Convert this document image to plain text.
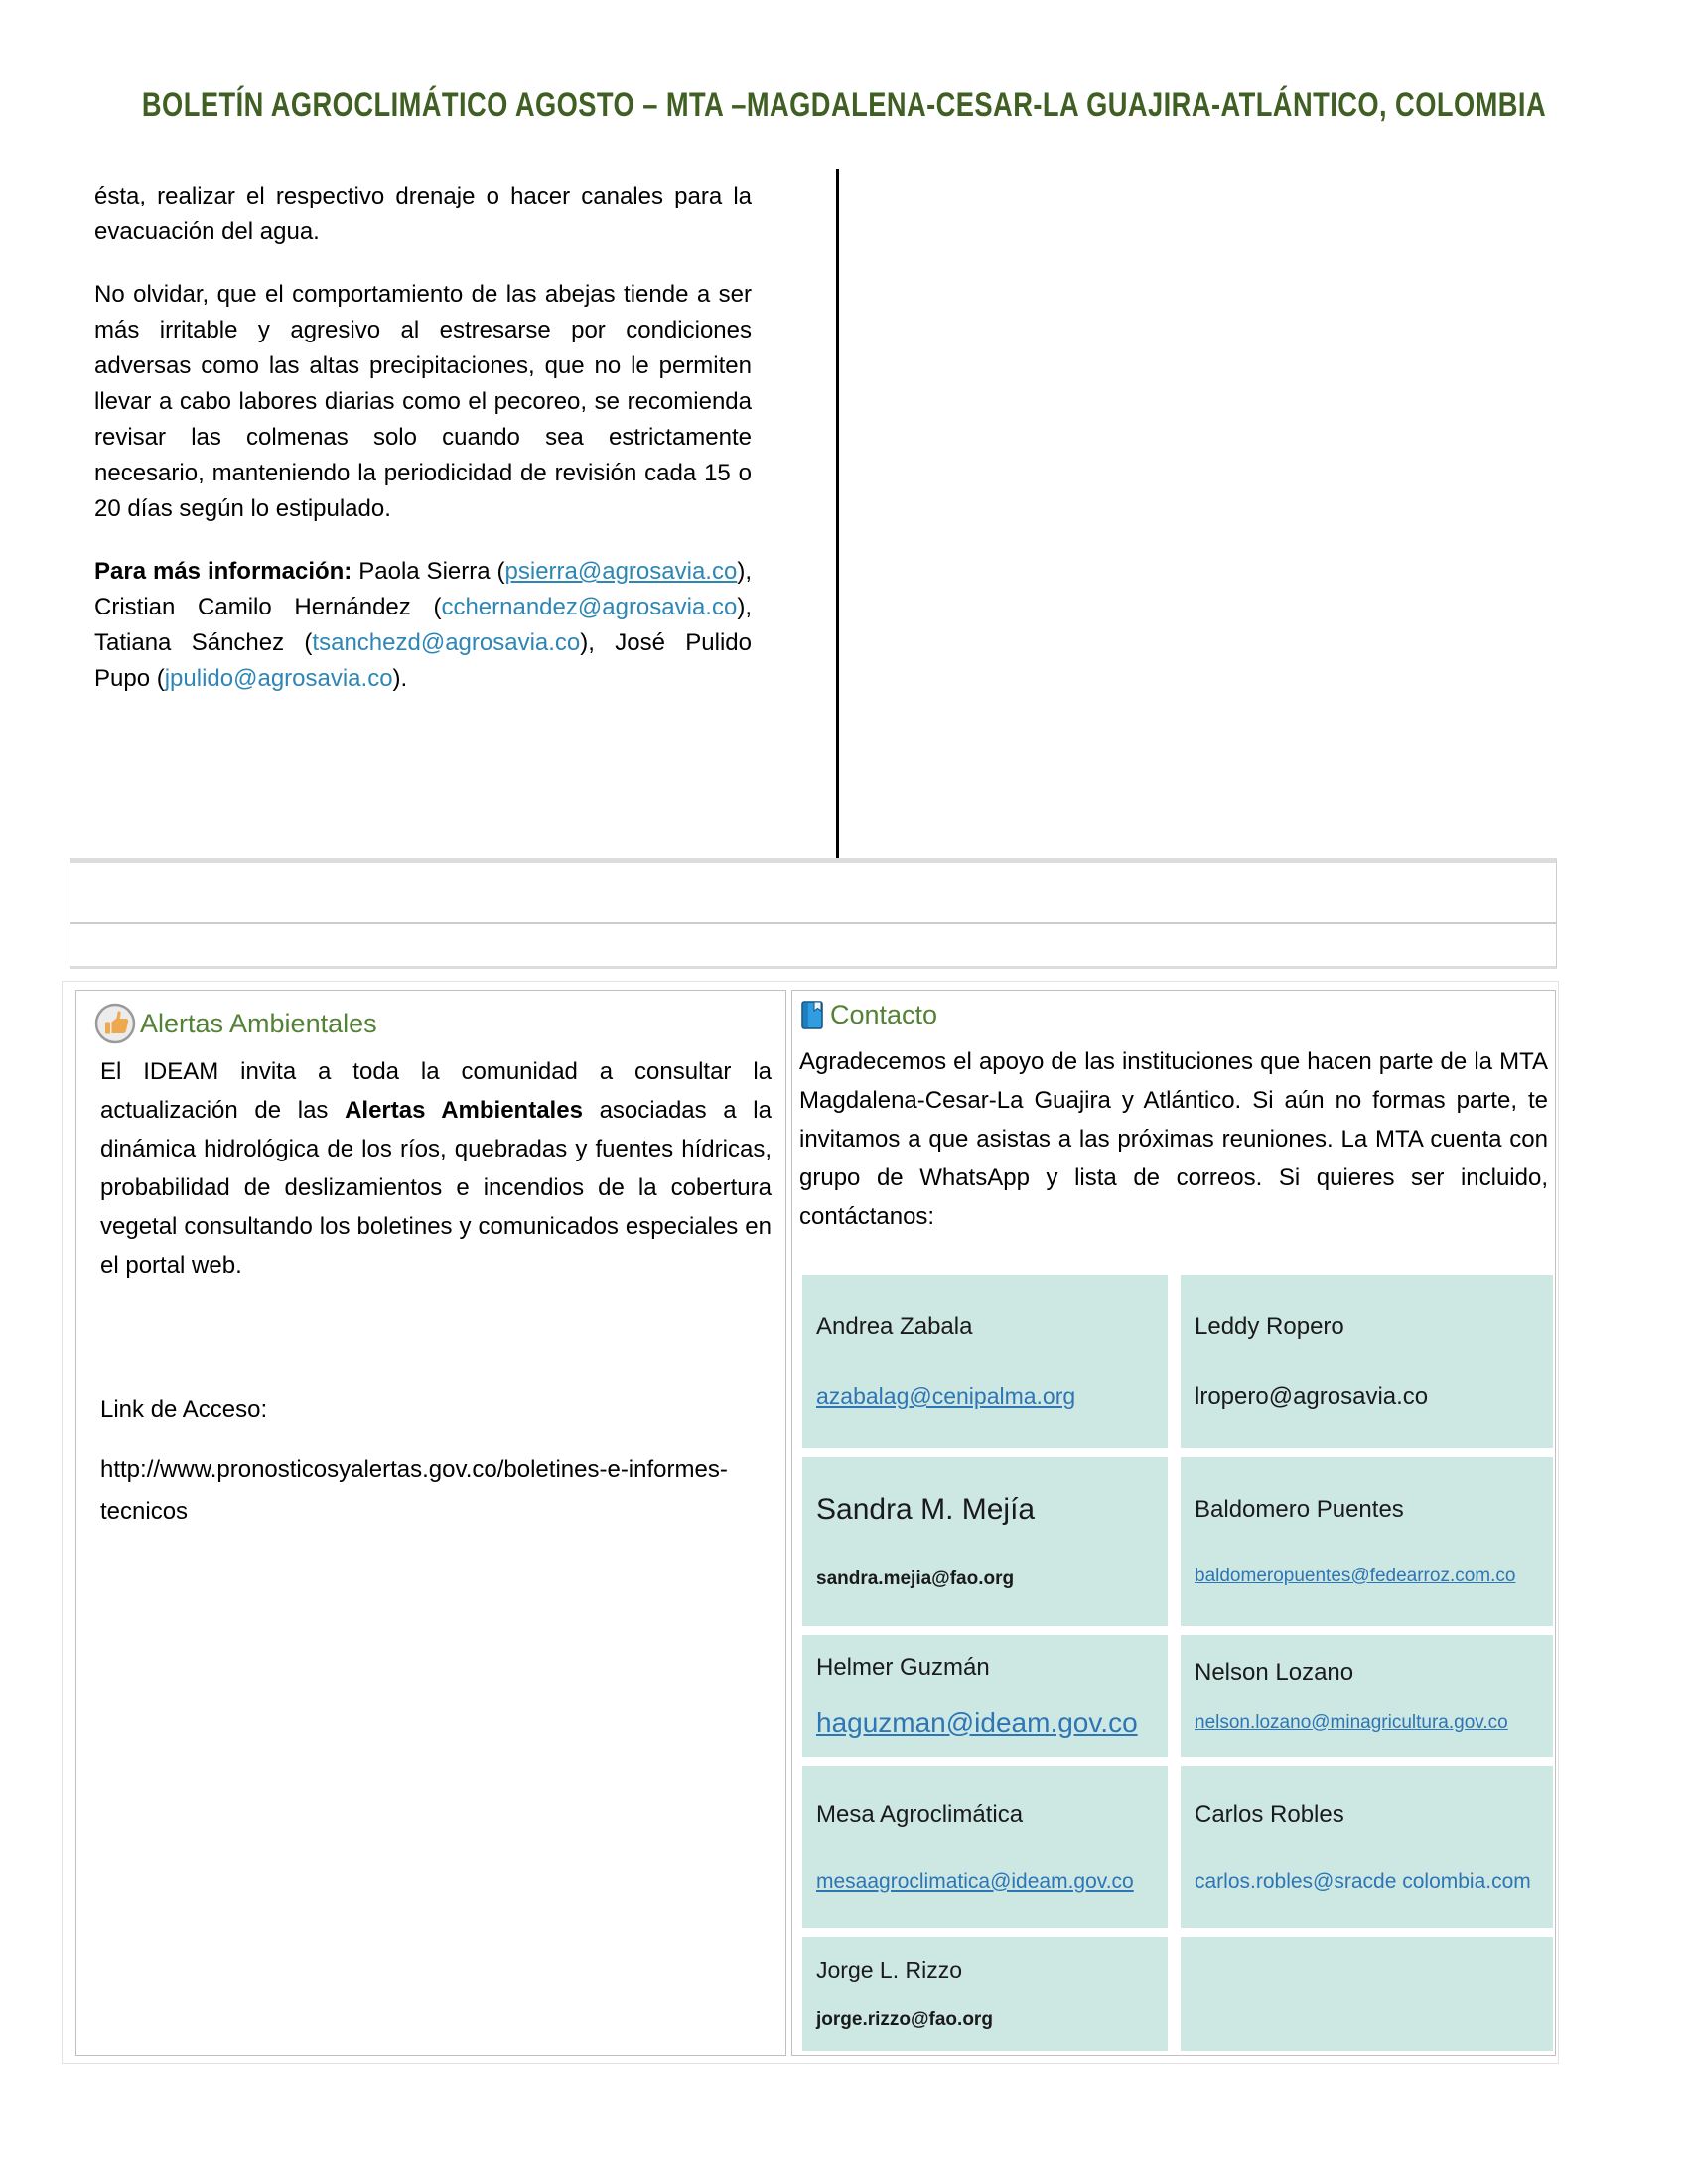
BOLETÍN AGROCLIMÁTICO AGOSTO – MTA –MAGDALENA-CESAR-LA GUAJIRA-ATLÁNTICO, COLOMBIA

ésta, realizar el respectivo drenaje o hacer canales para la evacuación del agua.

No olvidar, que el comportamiento de las abejas tiende a ser más irritable y agresivo al estresarse por condiciones adversas como las altas precipitaciones, que no le permiten llevar a cabo labores diarias como el pecoreo, se recomienda revisar las colmenas solo cuando sea estrictamente necesario, manteniendo la periodicidad de revisión cada 15 o 20 días según lo estipulado.

Para más información: Paola Sierra (psierra@agrosavia.co), Cristian Camilo Hernández (cchernandez@agrosavia.co), Tatiana Sánchez (tsanchezd@agrosavia.co), José Pulido Pupo (jpulido@agrosavia.co).

Alertas Ambientales
El IDEAM invita a toda la comunidad a consultar la actualización de las Alertas Ambientales asociadas a la dinámica hidrológica de los ríos, quebradas y fuentes hídricas, probabilidad de deslizamientos e incendios de la cobertura vegetal consultando los boletines y comunicados especiales en el portal web.
Link de Acceso:
http://www.pronosticosyalertas.gov.co/boletines-e-informes-tecnicos
Contacto
Agradecemos el apoyo de las instituciones que hacen parte de la MTA Magdalena-Cesar-La Guajira y Atlántico. Si aún no formas parte, te invitamos a que asistas a las próximas reuniones. La MTA cuenta con grupo de WhatsApp y lista de correos. Si quieres ser incluido, contáctanos:
Andrea Zabala
azabalag@cenipalma.org
Leddy Ropero
lropero@agrosavia.co
Sandra M. Mejía
sandra.mejia@fao.org
Baldomero Puentes
baldomeropuentes@fedearroz.com.co
Helmer Guzmán
haguzman@ideam.gov.co
Nelson Lozano
nelson.lozano@minagricultura.gov.co
Mesa Agroclimática
mesaagroclimatica@ideam.gov.co
Carlos Robles
carlos.robles@sracde colombia.com
Jorge L. Rizzo
jorge.rizzo@fao.org
